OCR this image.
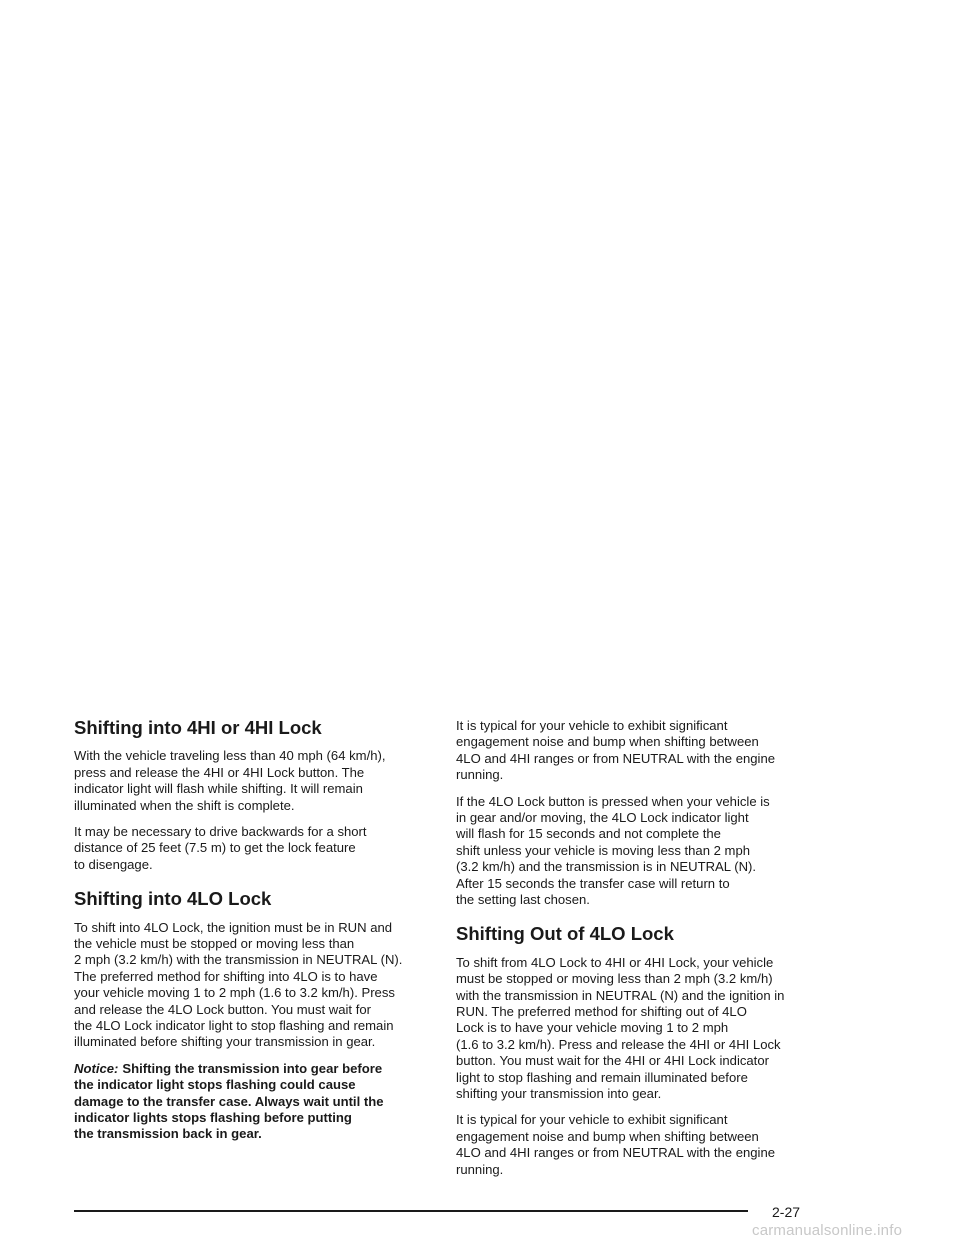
Shifting into 4HI or 4HI Lock

With the vehicle traveling less than 40 mph (64 km/h),
press and release the 4HI or 4HI Lock button. The
indicator light will flash while shifting. It will remain
illuminated when the shift is complete.

It may be necessary to drive backwards for a short
distance of 25 feet (7.5 m) to get the lock feature
to disengage.

Shifting into 4LO Lock

To shift into 4LO Lock, the ignition must be in RUN and
the vehicle must be stopped or moving less than
2 mph (3.2 km/h) with the transmission in NEUTRAL (N).
The preferred method for shifting into 4LO is to have
your vehicle moving 1 to 2 mph (1.6 to 3.2 km/h). Press
and release the 4LO Lock button. You must wait for
the 4LO Lock indicator light to stop flashing and remain
illuminated before shifting your transmission in gear.

Notice: Shifting the transmission into gear before
the indicator light stops flashing could cause
damage to the transfer case. Always wait until the
indicator lights stops flashing before putting
the transmission back in gear.

It is typical for your vehicle to exhibit significant
engagement noise and bump when shifting between
4LO and 4HI ranges or from NEUTRAL with the engine
running.

If the 4LO Lock button is pressed when your vehicle is
in gear and/or moving, the 4LO Lock indicator light
will flash for 15 seconds and not complete the
shift unless your vehicle is moving less than 2 mph
(3.2 km/h) and the transmission is in NEUTRAL (N).
After 15 seconds the transfer case will return to
the setting last chosen.

Shifting Out of 4LO Lock

To shift from 4LO Lock to 4HI or 4HI Lock, your vehicle
must be stopped or moving less than 2 mph (3.2 km/h)
with the transmission in NEUTRAL (N) and the ignition in
RUN. The preferred method for shifting out of 4LO
Lock is to have your vehicle moving 1 to 2 mph
(1.6 to 3.2 km/h). Press and release the 4HI or 4HI Lock
button. You must wait for the 4HI or 4HI Lock indicator
light to stop flashing and remain illuminated before
shifting your transmission into gear.

It is typical for your vehicle to exhibit significant
engagement noise and bump when shifting between
4LO and 4HI ranges or from NEUTRAL with the engine
running.

2-27
carmanualsonline.info
